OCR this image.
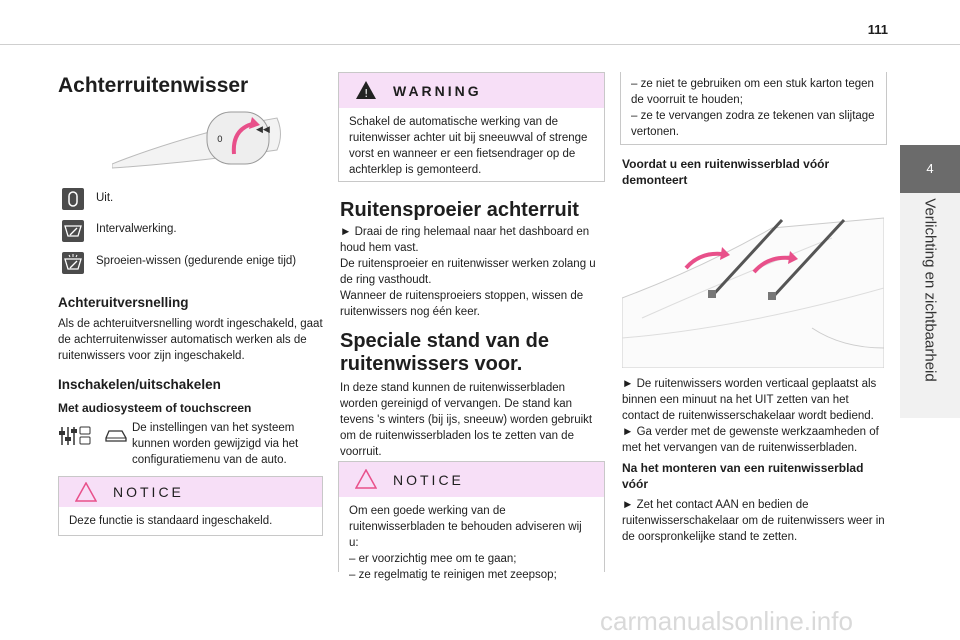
111
4
Verlichting en zichtbaarheid
Achterruitenwisser
0
◀◀

Uit.

Intervalwerking.

Sproeien-wissen (gedurende enige tijd)

Achteruitversnelling

Als de achteruitversnelling wordt ingeschakeld, gaat de achterruitenwisser automatisch werken als de ruitenwissers voor zijn ingeschakeld.

Inschakelen/uitschakelen
Met audiosysteem of touchscreen

De instellingen van het systeem kunnen worden gewijzigd via het configuratiemenu van de auto.

NOTICE
Deze functie is standaard ingeschakeld.
! WARNING
Schakel de automatische werking van de ruitenwisser achter uit bij sneeuwval of strenge vorst en wanneer er een fietsendrager op de achterklep is gemonteerd.
Ruitensproeier achterruit

► Draai de ring helemaal naar het dashboard en houd hem vast.
De ruitensproeier en ruitenwisser werken zolang u de ring vasthoudt.
Wanneer de ruitensproeiers stoppen, wissen de ruitenwissers nog één keer.

Speciale stand van de
ruitenwissers voor.

In deze stand kunnen de ruitenwisserbladen worden gereinigd of vervangen. De stand kan tevens 's winters (bij ijs, sneeuw) worden gebruikt om de ruitenwisserbladen los te zetten van de voorruit.

NOTICE
Om een goede werking van de ruitenwisserbladen te behouden adviseren wij u:
– er voorzichtig mee om te gaan;
– ze regelmatig te reinigen met zeepsop;
– ze niet te gebruiken om een stuk karton tegen de voorruit te houden;
– ze te vervangen zodra ze tekenen van slijtage vertonen.
Voordat u een ruitenwisserblad vóór demonteert

► De ruitenwissers worden verticaal geplaatst als binnen een minuut na het UIT zetten van het contact de ruitenwisserschakelaar wordt bediend.
► Ga verder met de gewenste werkzaamheden of met het vervangen van de ruitenwisserbladen.

Na het monteren van een ruitenwisserblad vóór

► Zet het contact AAN en bedien de ruitenwisserschakelaar om de ruitenwissers weer in de oorspronkelijke stand te zetten.

carmanualsonline.info
